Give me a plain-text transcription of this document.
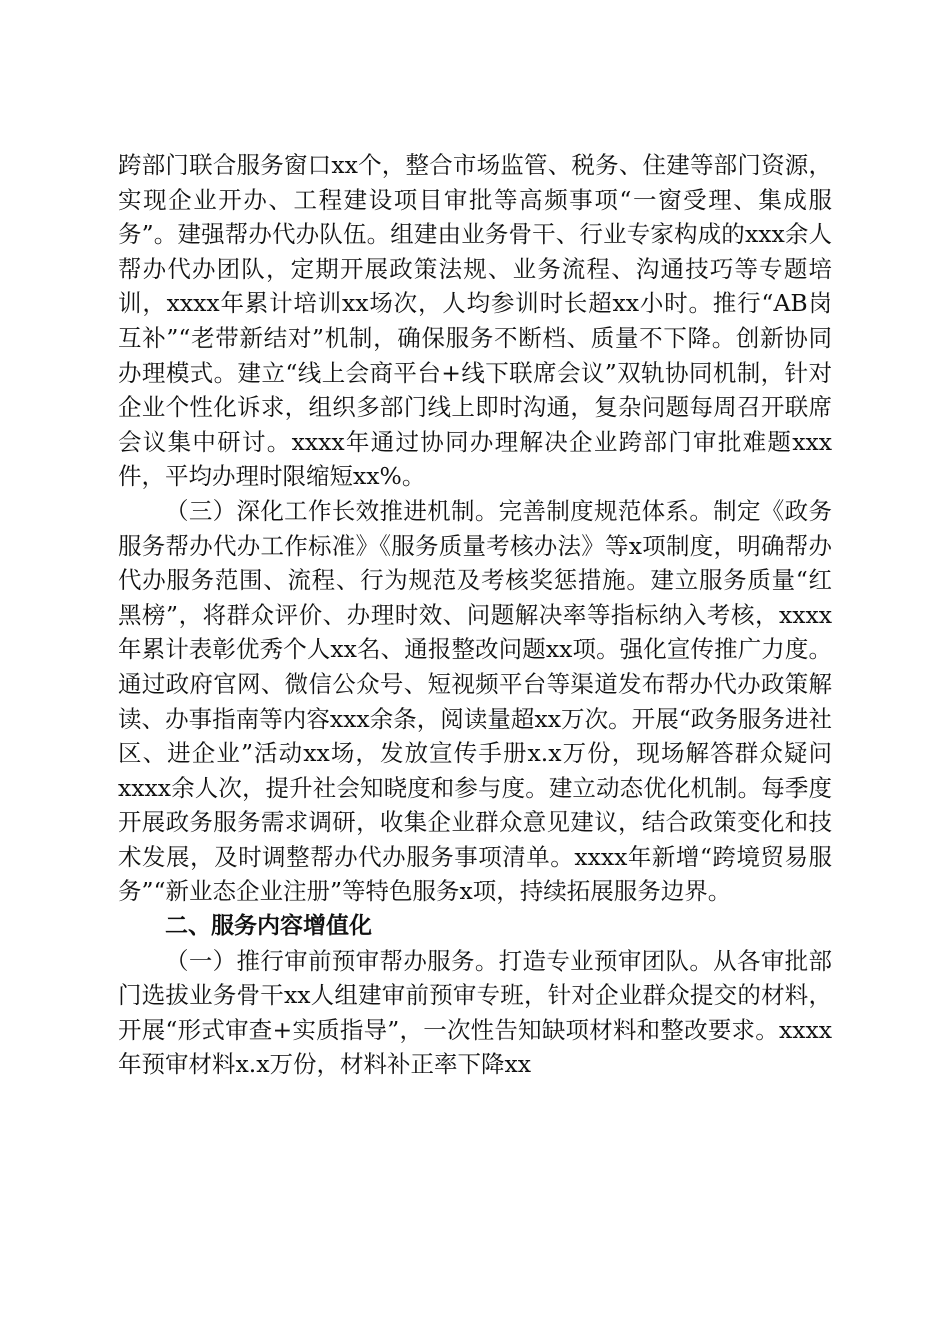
跨部门联合服务窗口xx个，整合市场监管、税务、住建等部门资源，实现企业开办、工程建设项目审批等高频事项“一窗受理、集成服务”。建强帮办代办队伍。组建由业务骨干、行业专家构成的xxx余人帮办代办团队，定期开展政策法规、业务流程、沟通技巧等专题培训，xxxx年累计培训xx场次，人均参训时长超xx小时。推行“AB岗互补”“老带新结对”机制，确保服务不断档、质量不下降。创新协同办理模式。建立“线上会商平台+线下联席会议”双轨协同机制，针对企业个性化诉求，组织多部门线上即时沟通，复杂问题每周召开联席会议集中研讨。xxxx年通过协同办理解决企业跨部门审批难题xxx件，平均办理时限缩短xx%。

（三）深化工作长效推进机制。完善制度规范体系。制定《政务服务帮办代办工作标准》《服务质量考核办法》等x项制度，明确帮办代办服务范围、流程、行为规范及考核奖惩措施。建立服务质量“红黑榜”，将群众评价、办理时效、问题解决率等指标纳入考核，xxxx年累计表彰优秀个人xx名、通报整改问题xx项。强化宣传推广力度。通过政府官网、微信公众号、短视频平台等渠道发布帮办代办政策解读、办事指南等内容xxx余条，阅读量超xx万次。开展“政务服务进社区、进企业”活动xx场，发放宣传手册x.x万份，现场解答群众疑问xxxx余人次，提升社会知晓度和参与度。建立动态优化机制。每季度开展政务服务需求调研，收集企业群众意见建议，结合政策变化和技术发展，及时调整帮办代办服务事项清单。xxxx年新增“跨境贸易服务”“新业态企业注册”等特色服务x项，持续拓展服务边界。

二、服务内容增值化

（一）推行审前预审帮办服务。打造专业预审团队。从各审批部门选拔业务骨干xx人组建审前预审专班，针对企业群众提交的材料，开展“形式审查+实质指导”，一次性告知缺项材料和整改要求。xxxx年预审材料x.x万份，材料补正率下降xx
